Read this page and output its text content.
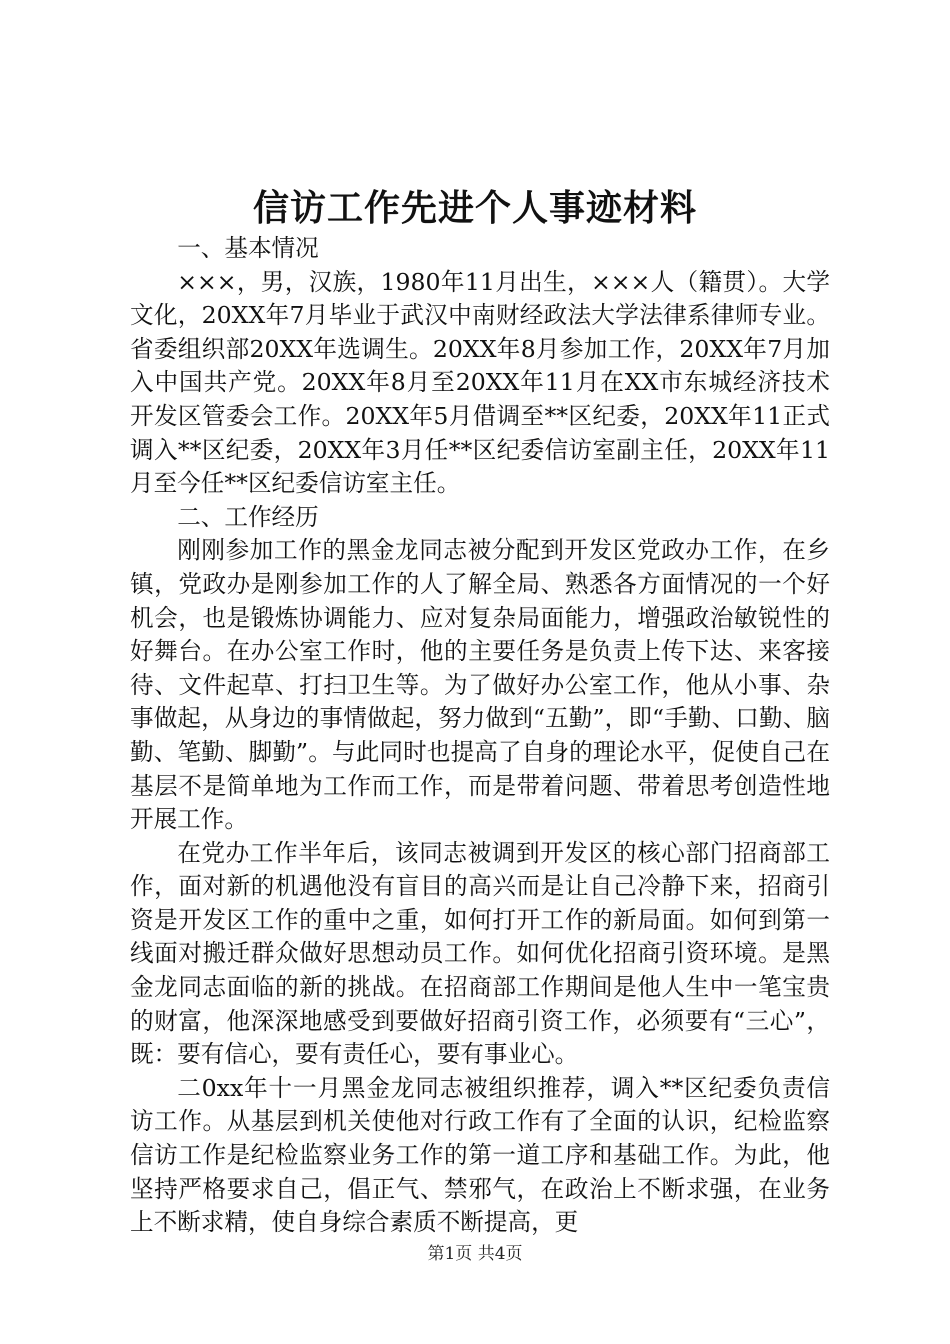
信访工作先进个人事迹材料

一、基本情况

×××，男，汉族，1980年11月出生，×××人（籍贯）。大学文化，20XX年7月毕业于武汉中南财经政法大学法律系律师专业。省委组织部20XX年选调生。20XX年8月参加工作，20XX年7月加入中国共产党。20XX年8月至20XX年11月在XX市东城经济技术开发区管委会工作。20XX年5月借调至**区纪委，20XX年11正式调入**区纪委，20XX年3月任**区纪委信访室副主任，20XX年11月至今任**区纪委信访室主任。

二、工作经历

刚刚参加工作的黑金龙同志被分配到开发区党政办工作，在乡镇，党政办是刚参加工作的人了解全局、熟悉各方面情况的一个好机会，也是锻炼协调能力、应对复杂局面能力，增强政治敏锐性的好舞台。在办公室工作时，他的主要任务是负责上传下达、来客接待、文件起草、打扫卫生等。为了做好办公室工作，他从小事、杂事做起，从身边的事情做起，努力做到“五勤”，即“手勤、口勤、脑勤、笔勤、脚勤”。与此同时也提高了自身的理论水平，促使自己在基层不是简单地为工作而工作，而是带着问题、带着思考创造性地开展工作。

在党办工作半年后，该同志被调到开发区的核心部门招商部工作，面对新的机遇他没有盲目的高兴而是让自己冷静下来，招商引资是开发区工作的重中之重，如何打开工作的新局面。如何到第一线面对搬迁群众做好思想动员工作。如何优化招商引资环境。是黑金龙同志面临的新的挑战。在招商部工作期间是他人生中一笔宝贵的财富，他深深地感受到要做好招商引资工作，必须要有“三心”，既：要有信心，要有责任心，要有事业心。

二0xx年十一月黑金龙同志被组织推荐，调入**区纪委负责信访工作。从基层到机关使他对行政工作有了全面的认识，纪检监察信访工作是纪检监察业务工作的第一道工序和基础工作。为此，他坚持严格要求自己，倡正气、禁邪气，在政治上不断求强，在业务上不断求精，使自身综合素质不断提高，更

第1页 共4页
